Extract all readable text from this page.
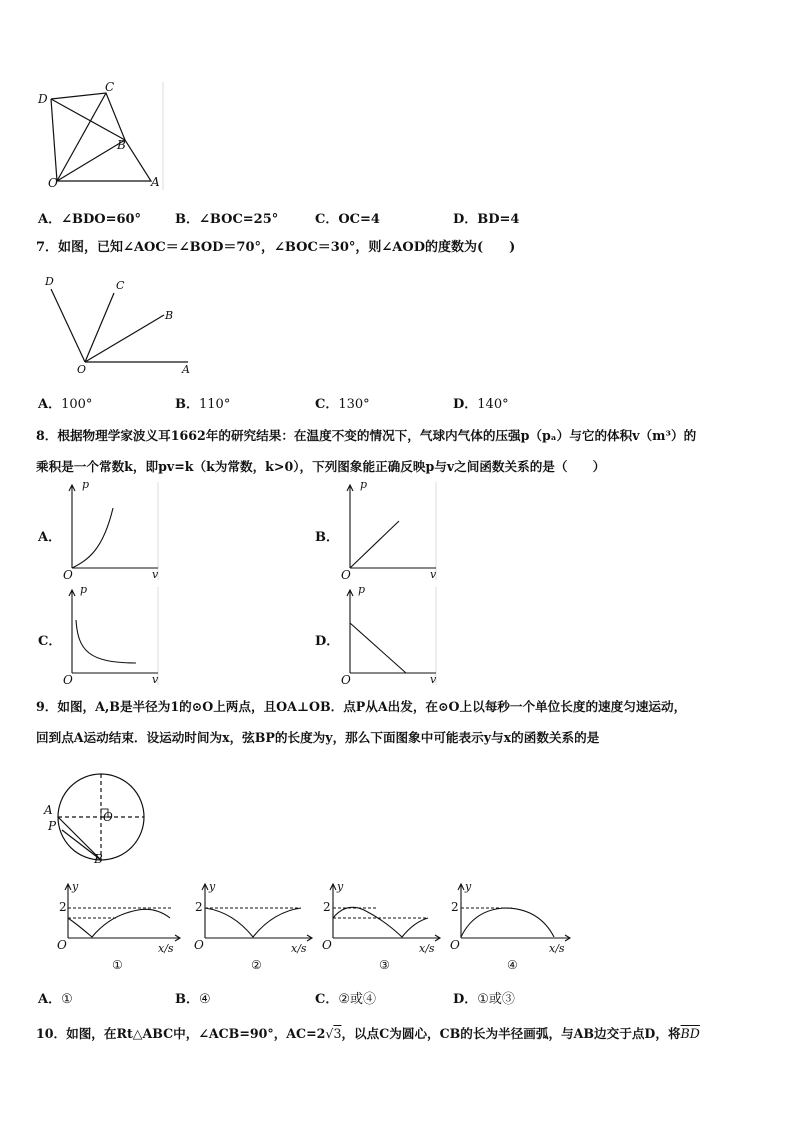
D
C
B
O	A
A．∠BDO=60°	B．∠BOC=25°	C．OC=4	D．BD=4
7．如图，已知∠AOC＝∠BOD＝70°，∠BOC＝30°，则∠AOD的度数为(　　)
D	C
B
O	A
A．100°	B．110°	C．130°	D．140°
8．根据物理学家波义耳1662年的研究结果：在温度不变的情况下，气球内气体的压强p（pₐ）与它的体积v（m³）的
乘积是一个常数k，即pv=k（k为常数，k>0），下列图象能正确反映p与v之间函数关系的是（　　）
A．
p
v
O
B．
p
v
O
C．
p
v
O
D．
p
v
O
9．如图，A,B是半径为1的⊙O上两点，且OA⊥OB．点P从A出发，在⊙O上以每秒一个单位长度的速度匀速运动，
回到点A运动结束．设运动时间为x，弦BP的长度为y，那么下面图象中可能表示y与x的函数关系的是
A
P
O
B
y
2
O	x/s
①
y
2
O	x/s
②
y
2
O	x/s
③
y
2
O	x/s
④
A．①	B．④	C．②或④	D．①或③
10．如图，在Rt△ABC中，∠ACB=90°，AC=2√3，以点C为圆心，CB的长为半径画弧，与AB边交于点D，将$\overline{BD}$
